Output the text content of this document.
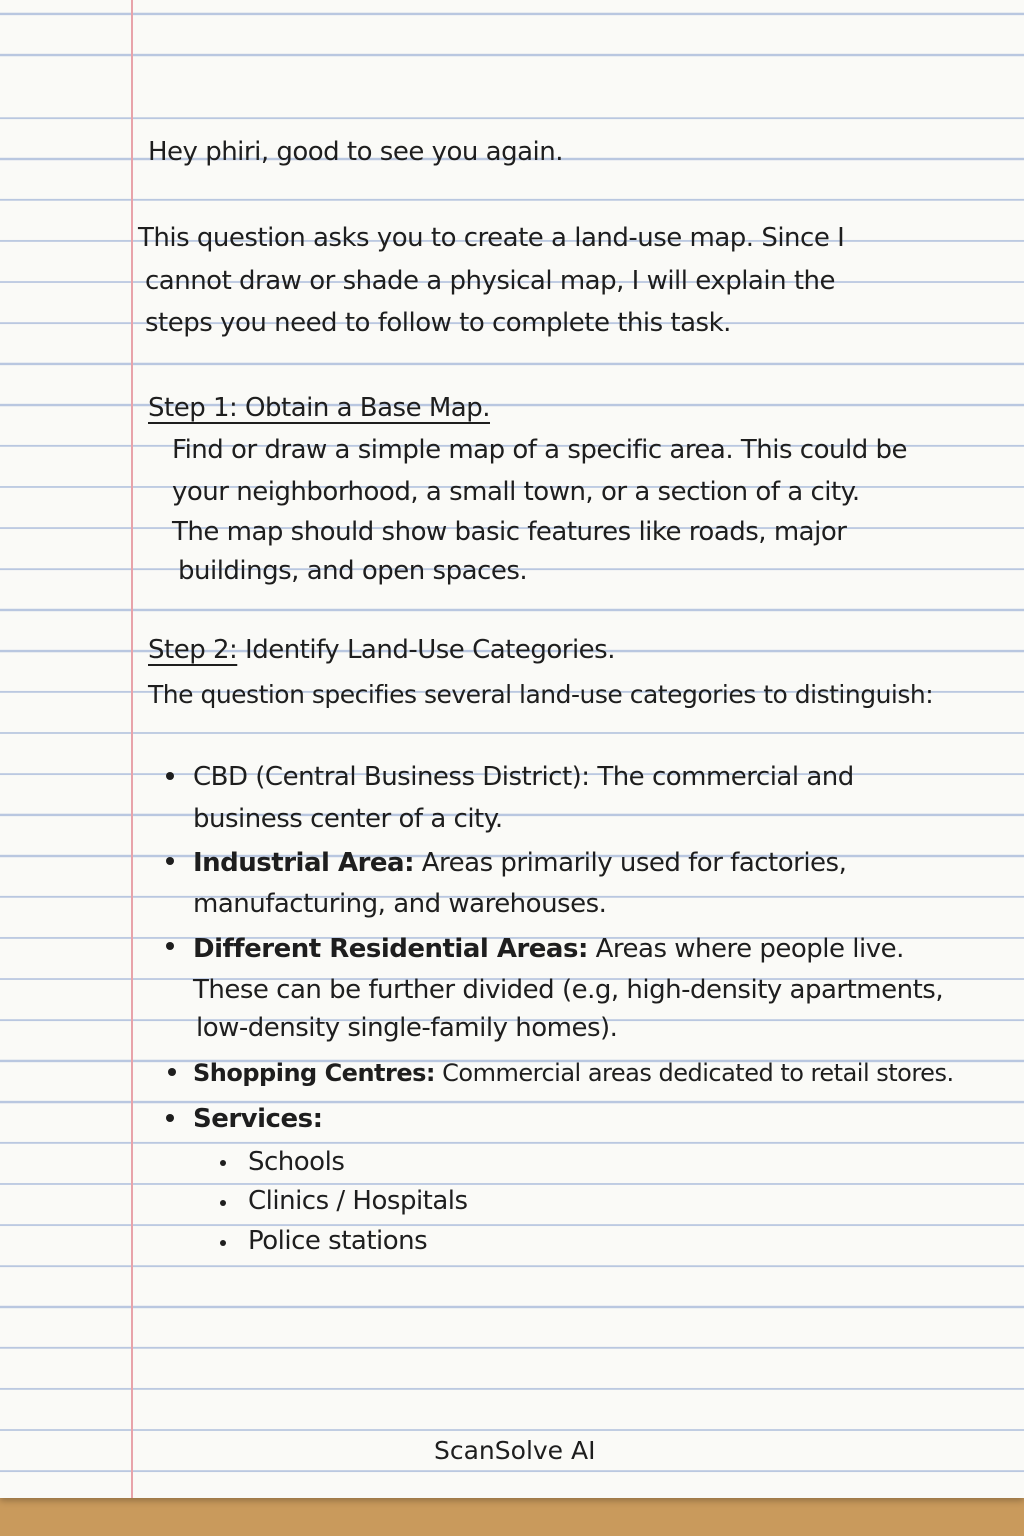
Hey phiri, good to see you again.
This question asks you to create a land-use map. Since I
cannot draw or shade a physical map, I will explain the
steps you need to follow to complete this task.
Step 1: Obtain a Base Map.
Find or draw a simple map of a specific area. This could be
your neighborhood, a small town, or a section of a city.
The map should show basic features like roads, major
buildings, and open spaces.
Step 2: Identify Land-Use Categories.
The question specifies several land-use categories to distinguish:
CBD (Central Business District): The commercial and
business center of a city.
Industrial Area: Areas primarily used for factories,
manufacturing, and warehouses.
Different Residential Areas: Areas where people live.
These can be further divided (e.g, high-density apartments,
low-density single-family homes).
Shopping Centres: Commercial areas dedicated to retail stores.
Services:
Schools
Clinics / Hospitals
Police stations
ScanSolve AI
